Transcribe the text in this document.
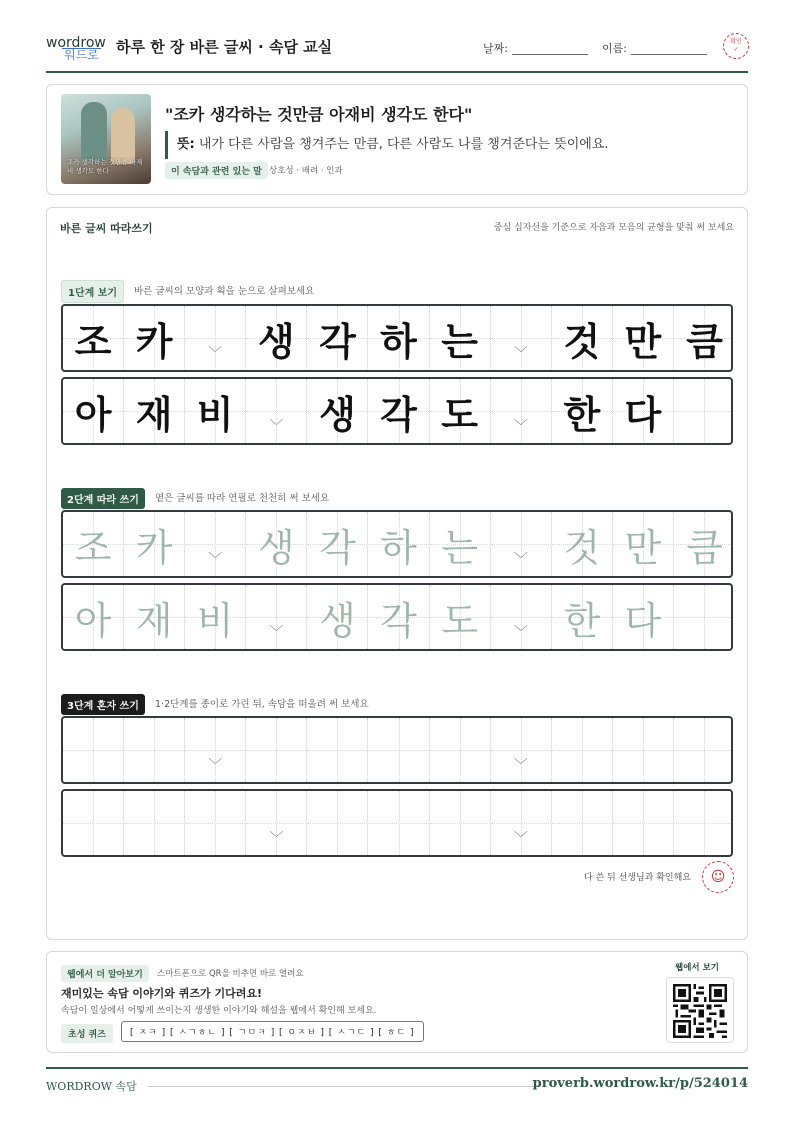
wordrow
워드로 하루 한 장 바른 글씨 · 속담 교실	날짜:	이름:
확인
✓
조카 생각하는 것만큼 아재비 생각도 한다
"조카 생각하는 것만큼 아재비 생각도 한다"
뜻: 내가 다른 사람을 챙겨주는 만큼, 다른 사람도 나를 챙겨준다는 뜻이에요.
이 속담과 관련 있는 말 상호성 · 배려 · 인과
바른 글씨 따라쓰기	중심 십자선을 기준으로 자음과 모음의 균형을 맞춰 써 보세요
1단계 보기	바른 글씨의 모양과 획을 눈으로 살펴보세요
조 카	﹀ 생 각 하 는	﹀ 것 만 큼
아 재 비	﹀ 생 각 도	﹀ 한 다
2단계 따라 쓰기	옅은 글씨를 따라 연필로 천천히 써 보세요
조 카	﹀ 생 각 하 는	﹀ 것 만 큼
아 재 비	﹀ 생 각 도	﹀ 한 다
3단계 혼자 쓰기	1·2단계를 종이로 가린 뒤, 속담을 떠올려 써 보세요
﹀	﹀
﹀	﹀
다 쓴 뒤 선생님과 확인해요	☺
웹에서 더 알아보기	스마트폰으로 QR을 비추면 바로 열려요
재미있는 속담 이야기와 퀴즈가 기다려요!
속담이 일상에서 어떻게 쓰이는지 생생한 이야기와 해설을 웹에서 확인해 보세요.
초성 퀴즈	[ ㅈㅋ ] [ ㅅㄱㅎㄴ ] [ ㄱㅁㅋ ] [ ㅇㅈㅂ ] [ ㅅㄱㄷ ] [ ㅎㄷ ]
웹에서 보기
WORDROW 속담	proverb.wordrow.kr/p/524014
